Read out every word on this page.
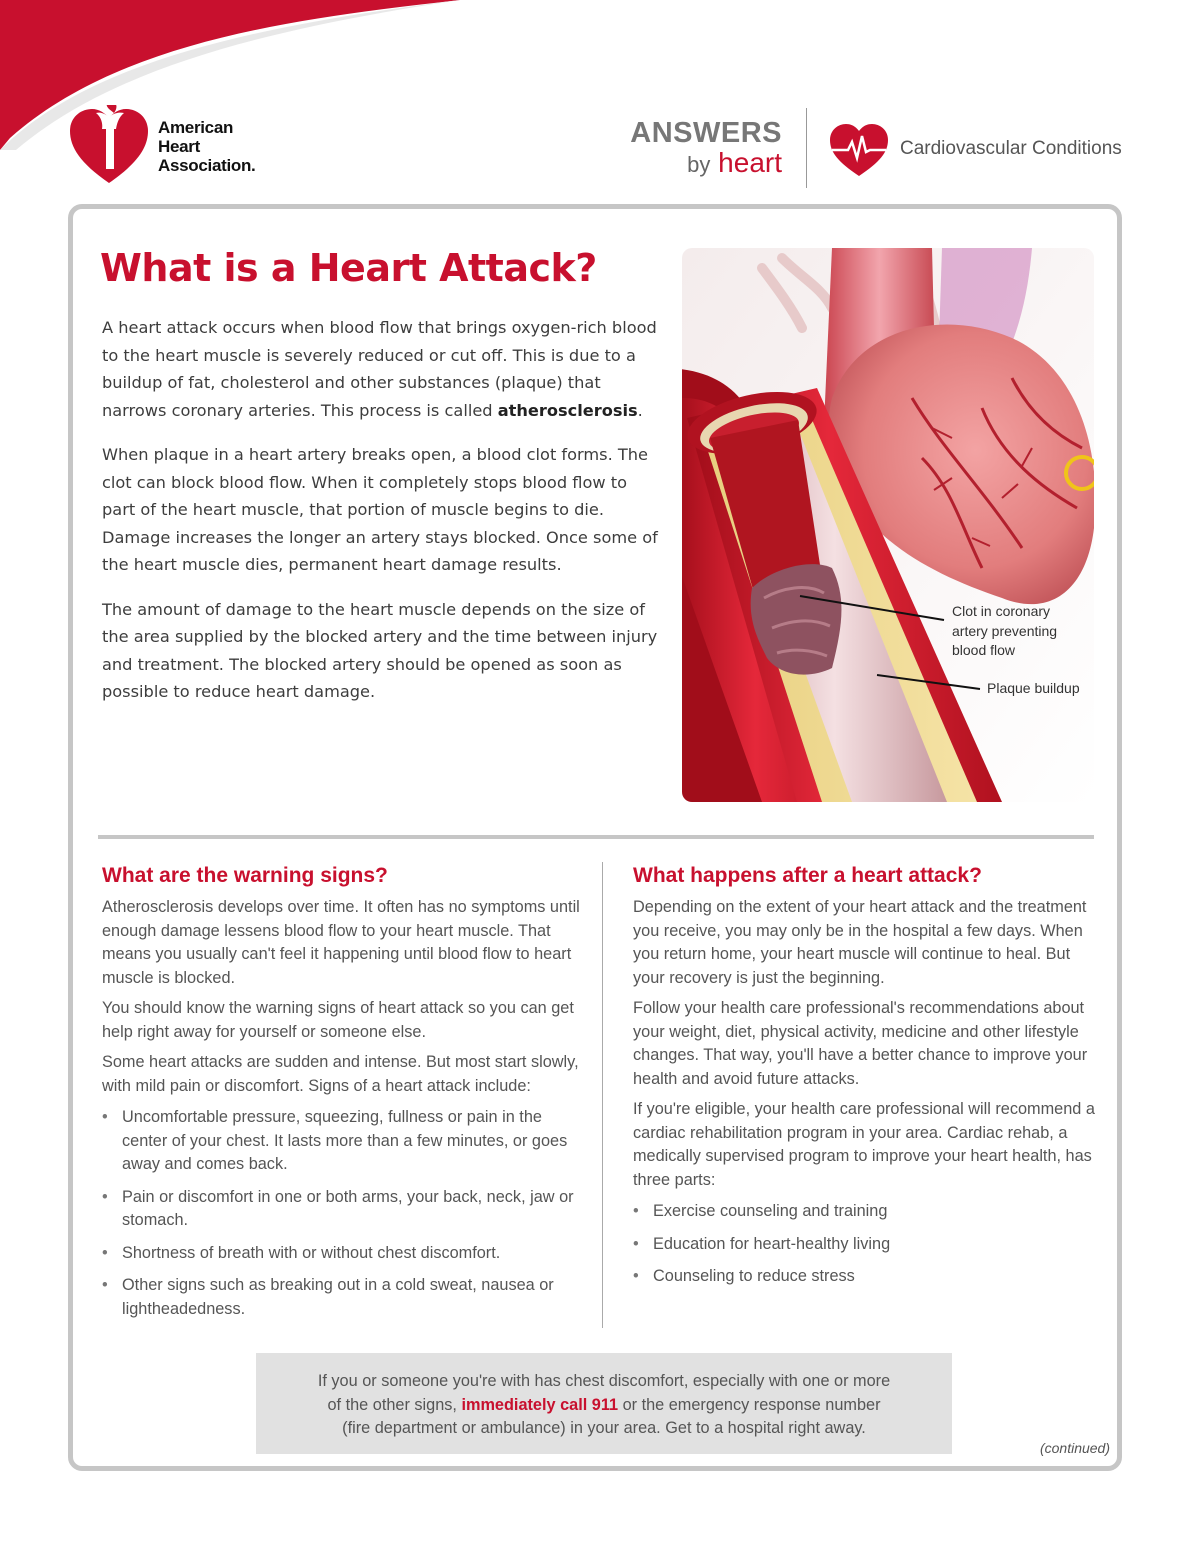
American
Heart
Association.
ANSWERS
by heart	Cardiovascular Conditions
What is a Heart Attack?

A heart attack occurs when blood flow that brings oxygen-rich blood to the heart muscle is severely reduced or cut off. This is due to a buildup of fat, cholesterol and other substances (plaque) that narrows coronary arteries. This process is called atherosclerosis.

When plaque in a heart artery breaks open, a blood clot forms. The clot can block blood flow. When it completely stops blood flow to part of the heart muscle, that portion of muscle begins to die. Damage increases the longer an artery stays blocked. Once some of the heart muscle dies, permanent heart damage results.

The amount of damage to the heart muscle depends on the size of the area supplied by the blocked artery and the time between injury and treatment. The blocked artery should be opened as soon as possible to reduce heart damage.

Clot in coronary
artery preventing
blood flow
Plaque buildup
What are the warning signs?

Atherosclerosis develops over time. It often has no symptoms until enough damage lessens blood flow to your heart muscle. That means you usually can't feel it happening until blood flow to heart muscle is blocked.

You should know the warning signs of heart attack so you can get help right away for yourself or someone else.

Some heart attacks are sudden and intense. But most start slowly, with mild pain or discomfort. Signs of a heart attack include:

• Uncomfortable pressure, squeezing, fullness or pain in the center of your chest. It lasts more than a few minutes, or goes away and comes back.
• Pain or discomfort in one or both arms, your back, neck, jaw or stomach.
• Shortness of breath with or without chest discomfort.
• Other signs such as breaking out in a cold sweat, nausea or lightheadedness.
What happens after a heart attack?

Depending on the extent of your heart attack and the treatment you receive, you may only be in the hospital a few days. When you return home, your heart muscle will continue to heal. But your recovery is just the beginning.

Follow your health care professional's recommendations about your weight, diet, physical activity, medicine and other lifestyle changes. That way, you'll have a better chance to improve your health and avoid future attacks.

If you're eligible, your health care professional will recommend a cardiac rehabilitation program in your area. Cardiac rehab, a medically supervised program to improve your heart health, has three parts:

• Exercise counseling and training
• Education for heart-healthy living
• Counseling to reduce stress
If you or someone you're with has chest discomfort, especially with one or more
of the other signs, immediately call 911 or the emergency response number
(fire department or ambulance) in your area. Get to a hospital right away.
(continued)
